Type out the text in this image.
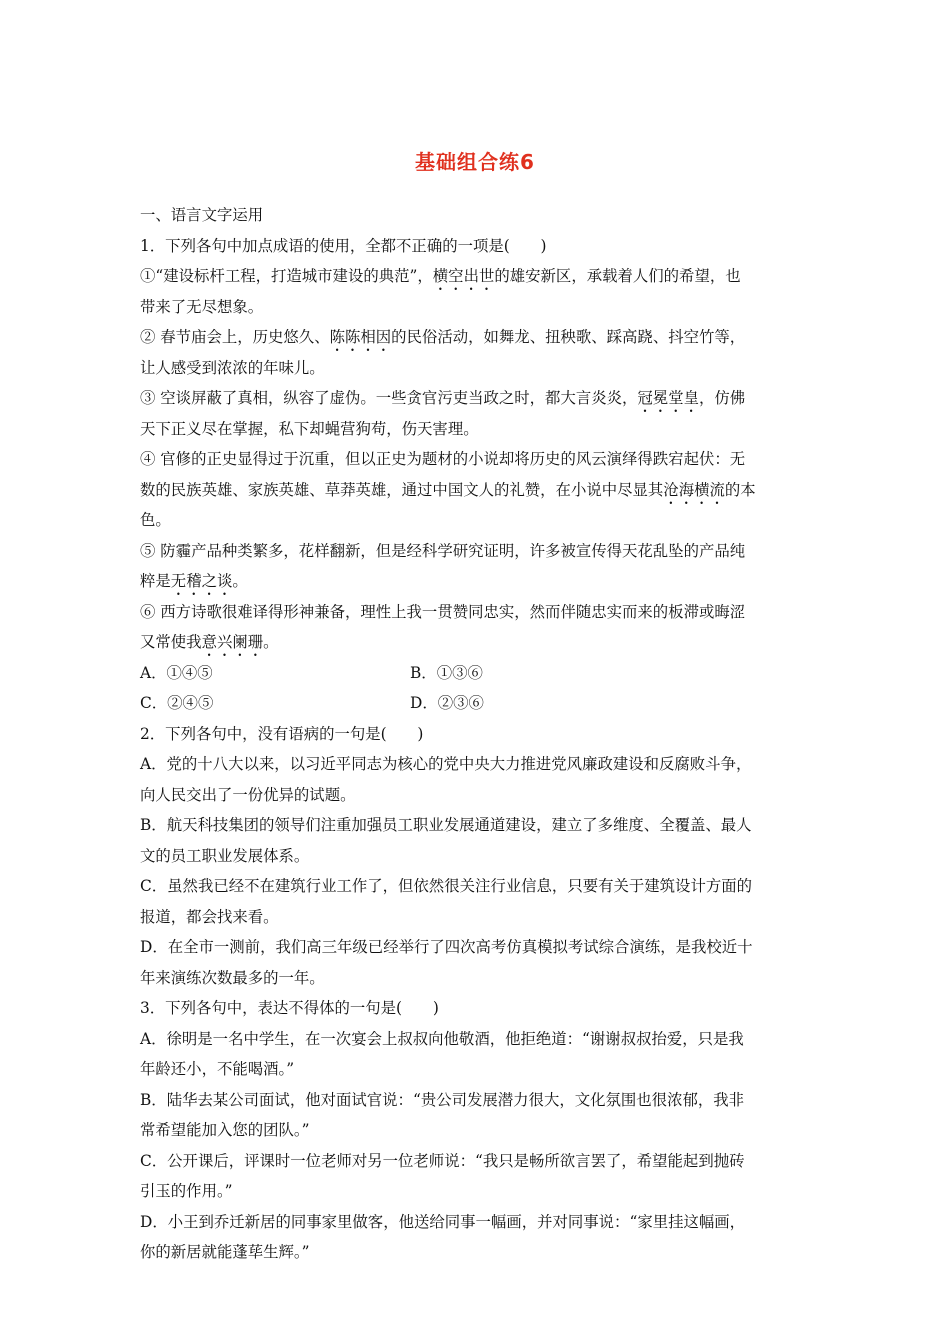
基础组合练6
一、语言文字运用
1．下列各句中加点成语的使用，全都不正确的一项是(　　)
①“建设标杆工程，打造城市建设的典范”，横空出世的雄安新区，承载着人们的希望，也
带来了无尽想象。
② 春节庙会上，历史悠久、陈陈相因的民俗活动，如舞龙、扭秧歌、踩高跷、抖空竹等，
让人感受到浓浓的年味儿。
③ 空谈屏蔽了真相，纵容了虚伪。一些贪官污吏当政之时，都大言炎炎，冠冕堂皇，仿佛
天下正义尽在掌握，私下却蝇营狗苟，伤天害理。
④ 官修的正史显得过于沉重，但以正史为题材的小说却将历史的风云演绎得跌宕起伏：无
数的民族英雄、家族英雄、草莽英雄，通过中国文人的礼赞，在小说中尽显其沧海横流的本
色。
⑤ 防霾产品种类繁多，花样翻新，但是经科学研究证明，许多被宣传得天花乱坠的产品纯
粹是无稽之谈。
⑥ 西方诗歌很难译得形神兼备，理性上我一贯赞同忠实，然而伴随忠实而来的板滞或晦涩
又常使我意兴阑珊。
A．①④⑤	B．①③⑥
C．②④⑤	D．②③⑥
2．下列各句中，没有语病的一句是(　　)
A．党的十八大以来，以习近平同志为核心的党中央大力推进党风廉政建设和反腐败斗争，
向人民交出了一份优异的试题。
B．航天科技集团的领导们注重加强员工职业发展通道建设，建立了多维度、全覆盖、最人
文的员工职业发展体系。
C．虽然我已经不在建筑行业工作了，但依然很关注行业信息，只要有关于建筑设计方面的
报道，都会找来看。
D．在全市一测前，我们高三年级已经举行了四次高考仿真模拟考试综合演练，是我校近十
年来演练次数最多的一年。
3．下列各句中，表达不得体的一句是(　　)
A．徐明是一名中学生，在一次宴会上叔叔向他敬酒，他拒绝道：“谢谢叔叔抬爱，只是我
年龄还小，不能喝酒。”
B．陆华去某公司面试，他对面试官说：“贵公司发展潜力很大，文化氛围也很浓郁，我非
常希望能加入您的团队。”
C．公开课后，评课时一位老师对另一位老师说：“我只是畅所欲言罢了，希望能起到抛砖
引玉的作用。”
D．小王到乔迁新居的同事家里做客，他送给同事一幅画，并对同事说：“家里挂这幅画，
你的新居就能蓬荜生辉。”
